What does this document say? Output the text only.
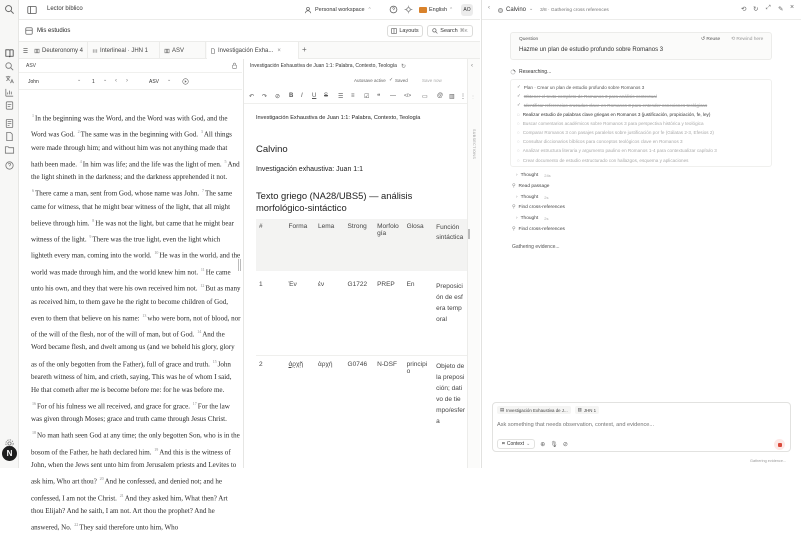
N
Lector bíblico	Personal workspace ⌃	English ⌃	AO
Mis estudios	Layouts	Search ⌘K
Deuteronomy 4	Interlineal · JHN 1	ASV	Investigación Exha... ×	+
ASV
John	⌄ 1 ⌄ ‹ ›	ASV ⌄
$^1$In the beginning was the Word, and the Word was with God, and the Word was God. $^2$The same was in the beginning with God. $^3$All things were made through him; and without him was not anything made that hath been made. $^4$In him was life; and the life was the light of men. $^5$And the light shineth in the darkness; and the darkness apprehended it not. $^6$There came a man, sent from God, whose name was John. $^7$The same came for witness, that he might bear witness of the light, that all might believe through him. $^8$He was not the light, but came that he might bear witness of the light. $^9$There was the true light, even the light which lighteth every man, coming into the world. $^{10}$He was in the world, and the world was made through him, and the world knew him not. $^{11}$He came unto his own, and they that were his own received him not. $^{12}$But as many as received him, to them gave he the right to become children of God, even to them that believe on his name: $^{13}$who were born, not of blood, nor of the will of the flesh, nor of the will of man, but of God. $^{14}$And the Word became flesh, and dwelt among us (and we beheld his glory, glory as of the only begotten from the Father), full of grace and truth. $^{15}$John beareth witness of him, and crieth, saying, This was he of whom I said, He that cometh after me is become before me: for he was before me. $^{16}$For of his fulness we all received, and grace for grace. $^{17}$For the law was given through Moses; grace and truth came through Jesus Christ. $^{18}$No man hath seen God at any time; the only begotten Son, who is in the bosom of the Father, he hath declared him. $^{19}$And this is the witness of John, when the Jews sent unto him from Jerusalem priests and Levites to ask him, Who art thou? $^{20}$And he confessed, and denied not; and he confessed, I am not the Christ. $^{21}$And they asked him, What then? Art thou Elijah? And he saith, I am not. Art thou the prophet? And he answered, No. $^{22}$They said therefore unto him, Who
Investigación Exhaustiva de Juan 1:1: Palabra, Contexto, Teología ↻
Autosave active ✓ Saved	Save now
↶ ↷ ⊘ B I U S ☰ ≡ ☑ ❝ — </> ▭ @ ▥ ⋮
Investigación Exhaustiva de Juan 1:1: Palabra, Contexto, Teología
Calvino
Investigación exhaustiva: Juan 1:1
Texto griego (NA28/UBS5) — análisis morfológico-sintáctico
#	Forma	Lema	Strong	Morfología	Glosa	Función sintáctica
1	Ἐν	ἐν	G1722	PREP	En	Preposición de esfera temporal
2	ἀρχῇ	ἀρχή	G0746	N-DSF	principio	Objeto de la preposición; dativo de tiempo/esfera
‹
⋮
SUBSECTIONS
‹	Calvino ⌄ 3/8 · Gathering cross references	⟲ ↻ ⤢ ✎ ×
Question	↺ Reuse ⟲ Rewind here
Hazme un plan de estudio profundo sobre Romanos 3
Researching...
✓ Plan · Crear un plan de estudio profundo sobre Romanos 3
✓ Obtener el texto completo de Romanos 3 para análisis contextual
✓ Identificar referencias cruzadas clave en Romanos 3 para entender conexiones teológicas
◌ Realizar estudio de palabras clave griegas en Romanos 3 (justificación, propiciación, fe, ley)
○ Buscar comentarios académicos sobre Romanos 3 para perspectiva histórica y teológica
○ Comparar Romanos 3 con pasajes paralelos sobre justificación por fe (Gálatas 2-3, Efesios 2)
○ Consultar diccionarios bíblicos para conceptos teológicos clave en Romanos 3
○ Analizar estructura literaria y argumento paulino en Romanos 1-4 para contextualizar capítulo 3
○ Crear documento de estudio estructurado con hallazgos, esquema y aplicaciones
› Thought 24s
⚲ Read passage
› Thought 2s
⚲ Find cross-references
› Thought 2s
⚲ Find cross-references
Gathering evidence...
▤ Investigación Exhaustiva de J... ▥ JHN 1
Ask something that needs observation, context, and evidence...
⌗ Context ⌄ ⊕ 🎙 ⊘
Gathering evidence...
